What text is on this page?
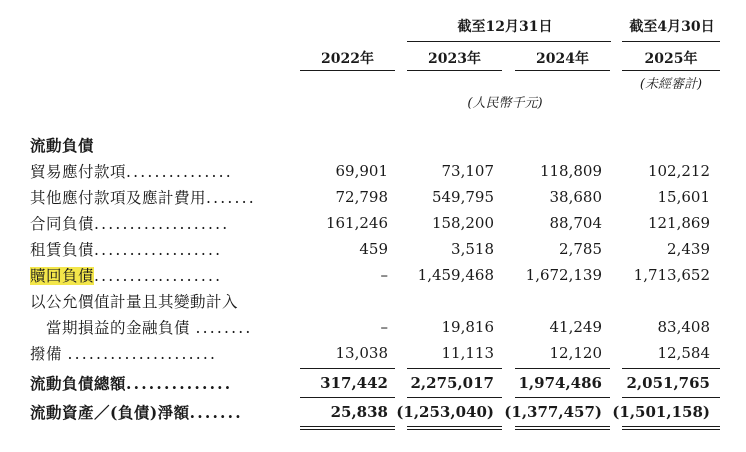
截至12月31日	截至4月30日
2022年	2023年	2024年	2025年
(未經審計)
(人民幣千元)
流動負債
貿易應付款項...............	69,901	73,107	118,809	102,212
其他應付款項及應計費用.......	72,798	549,795	38,680	15,601
合同負債...................	161,246	158,200	88,704	121,869
租賃負債..................	459	3,518	2,785	2,439
贖回負債..................	–	1,459,468	1,672,139	1,713,652
以公允價值計量且其變動計入
當期損益的金融負債 ........	–	19,816	41,249	83,408
撥備 .....................	13,038	11,113	12,120	12,584
流動負債總額..............	317,442	2,275,017	1,974,486	2,051,765
流動資產／(負債)淨額.......	25,838 (1,253,040) (1,377,457) (1,501,158)
